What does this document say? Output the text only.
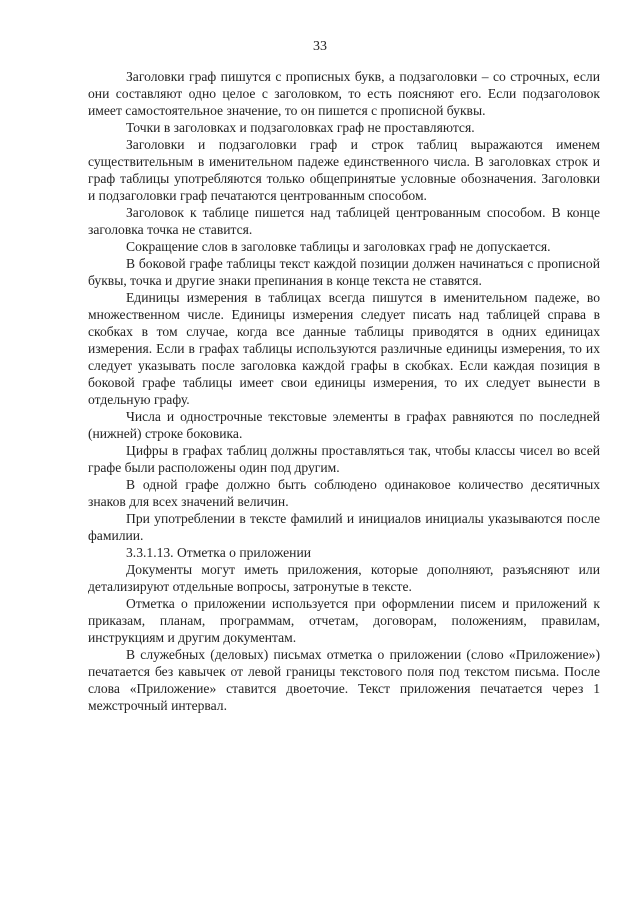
33

Заголовки граф пишутся с прописных букв, а подзаголовки – со строчных, если они составляют одно целое с заголовком, то есть поясняют его. Если подзаголовок имеет самостоятельное значение, то он пишется с прописной буквы.

Точки в заголовках и подзаголовках граф не проставляются.

Заголовки и подзаголовки граф и строк таблиц выражаются именем существительным в именительном падеже единственного числа. В заголовках строк и граф таблицы употребляются только общепринятые условные обозначения. Заголовки и подзаголовки граф печатаются центрованным способом.

Заголовок к таблице пишется над таблицей центрованным способом. В конце заголовка точка не ставится.

Сокращение слов в заголовке таблицы и заголовках граф не допускается.

В боковой графе таблицы текст каждой позиции должен начинаться с прописной буквы, точка и другие знаки препинания в конце текста не ставятся.

Единицы измерения в таблицах всегда пишутся в именительном падеже, во множественном числе. Единицы измерения следует писать над таблицей справа в скобках в том случае, когда все данные таблицы приводятся в одних единицах измерения. Если в графах таблицы используются различные единицы измерения, то их следует указывать после заголовка каждой графы в скобках. Если каждая позиция в боковой графе таблицы имеет свои единицы измерения, то их следует вынести в отдельную графу.

Числа и однострочные текстовые элементы в графах равняются по последней (нижней) строке боковика.

Цифры в графах таблиц должны проставляться так, чтобы классы чисел во всей графе были расположены один под другим.

В одной графе должно быть соблюдено одинаковое количество десятичных знаков для всех значений величин.

При употреблении в тексте фамилий и инициалов инициалы указываются после фамилии.

3.3.1.13. Отметка о приложении

Документы могут иметь приложения, которые дополняют, разъясняют или детализируют отдельные вопросы, затронутые в тексте.

Отметка о приложении используется при оформлении писем и приложений к приказам, планам, программам, отчетам, договорам, положениям, правилам, инструкциям и другим документам.

В служебных (деловых) письмах отметка о приложении (слово «Приложение») печатается без кавычек от левой границы текстового поля под текстом письма. После слова «Приложение» ставится двоеточие. Текст приложения печатается через 1 межстрочный интервал.
